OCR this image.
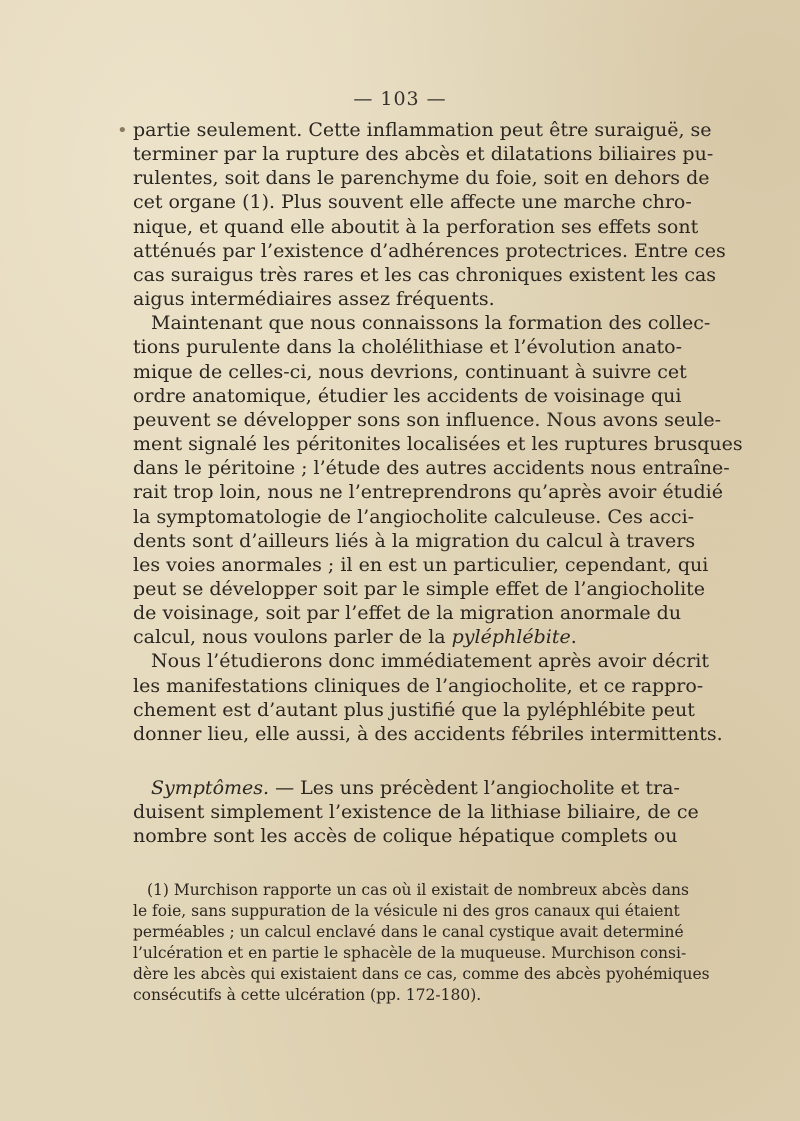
— 103 —
• partie seulement. Cette inflammation peut être suraiguë, se
terminer par la rupture des abcès et dilatations biliaires pu-
rulentes, soit dans le parenchyme du foie, soit en dehors de
cet organe (1). Plus souvent elle affecte une marche chro-
nique, et quand elle aboutit à la perforation ses effets sont
atténués par l’existence d’adhérences protectrices. Entre ces
cas suraigus très rares et les cas chroniques existent les cas
aigus intermédiaires assez fréquents.
Maintenant que nous connaissons la formation des collec-
tions purulente dans la cholélithiase et l’évolution anato-
mique de celles-ci, nous devrions, continuant à suivre cet
ordre anatomique, étudier les accidents de voisinage qui
peuvent se développer sons son influence. Nous avons seule-
ment signalé les péritonites localisées et les ruptures brusques
dans le péritoine ; l’étude des autres accidents nous entraîne-
rait trop loin, nous ne l’entreprendrons qu’après avoir étudié
la symptomatologie de l’angiocholite calculeuse. Ces acci-
dents sont d’ailleurs liés à la migration du calcul à travers
les voies anormales ; il en est un particulier, cependant, qui
peut se développer soit par le simple effet de l’angiocholite
de voisinage, soit par l’effet de la migration anormale du
calcul, nous voulons parler de la pyléphlébite.
Nous l’étudierons donc immédiatement après avoir décrit
les manifestations cliniques de l’angiocholite, et ce rappro-
chement est d’autant plus justifié que la pyléphlébite peut
donner lieu, elle aussi, à des accidents fébriles intermittents.
Symptômes. — Les uns précèdent l’angiocholite et tra-
duisent simplement l’existence de la lithiase biliaire, de ce
nombre sont les accès de colique hépatique complets ou
(1) Murchison rapporte un cas où il existait de nombreux abcès dans
le foie, sans suppuration de la vésicule ni des gros canaux qui étaient
perméables ; un calcul enclavé dans le canal cystique avait determiné
l’ulcération et en partie le sphacèle de la muqueuse. Murchison consi-
dère les abcès qui existaient dans ce cas, comme des abcès pyohémiques
consécutifs à cette ulcération (pp. 172-180).
